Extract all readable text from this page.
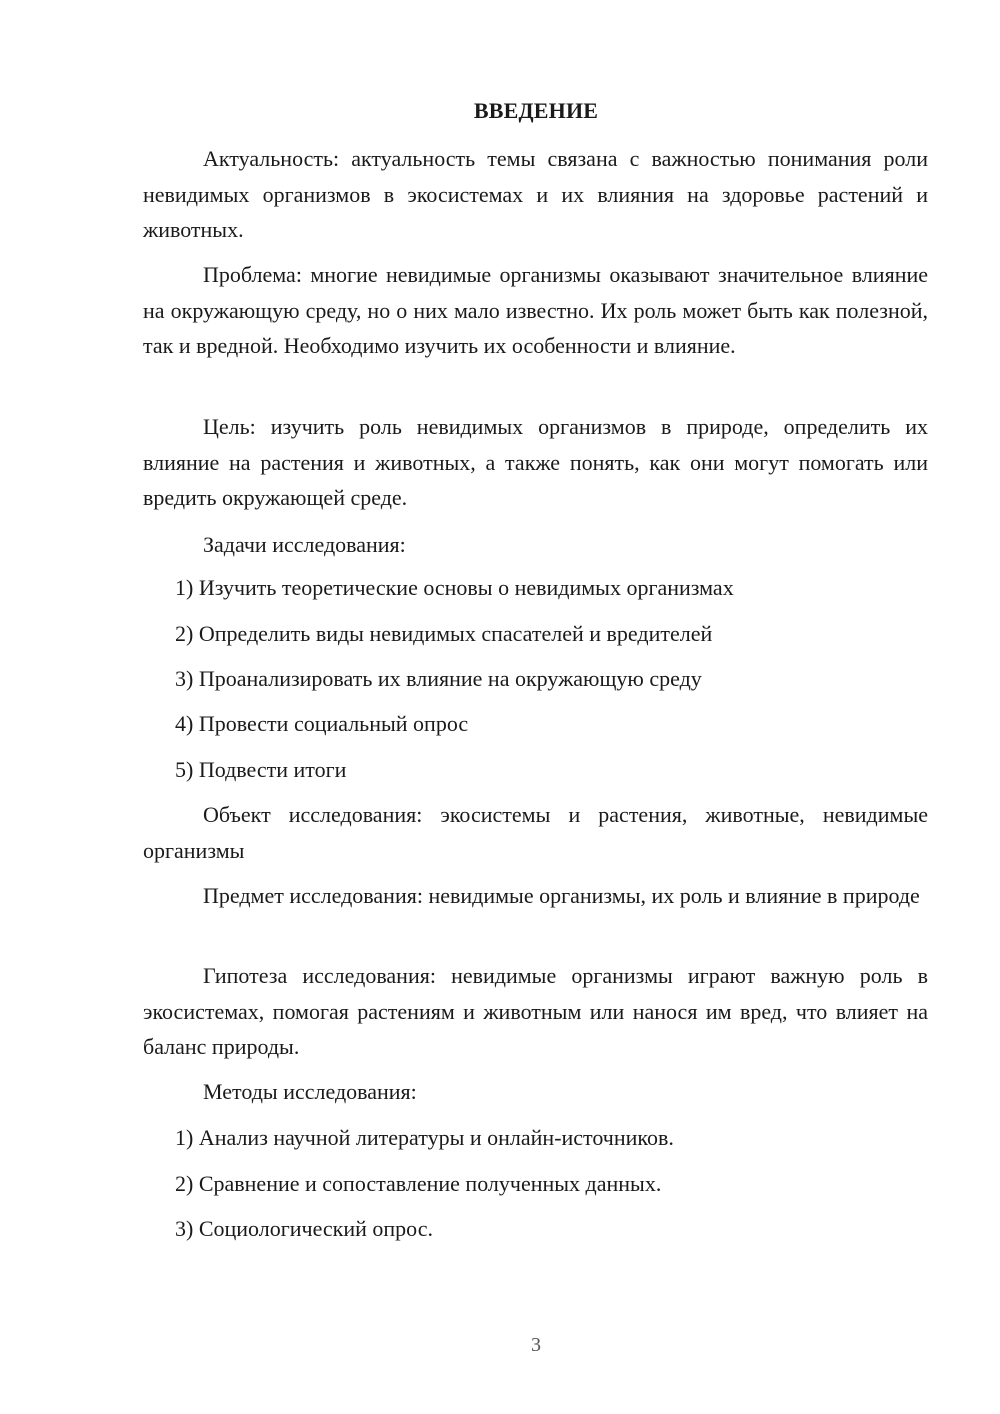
ВВЕДЕНИЕ

Актуальность: актуальность темы связана с важностью понимания роли невидимых организмов в экосистемах и их влияния на здоровье растений и животных.

Проблема: многие невидимые организмы оказывают значительное влияние на окружающую среду, но о них мало известно. Их роль может быть как полезной, так и вредной. Необходимо изучить их особенности и влияние.

Цель: изучить роль невидимых организмов в природе, определить их влияние на растения и животных, а также понять, как они могут помогать или вредить окружающей среде.

Задачи исследования:

1) Изучить теоретические основы о невидимых организмах

2) Определить виды невидимых спасателей и вредителей

3) Проанализировать их влияние на окружающую среду

4) Провести социальный опрос

5) Подвести итоги

Объект исследования: экосистемы и растения, животные, невидимые организмы

Предмет исследования: невидимые организмы, их роль и влияние в природе

Гипотеза исследования: невидимые организмы играют важную роль в экосистемах, помогая растениям и животным или нанося им вред, что влияет на баланс природы.

Методы исследования:

1) Анализ научной литературы и онлайн-источников.

2) Сравнение и сопоставление полученных данных.

3) Социологический опрос.

3
